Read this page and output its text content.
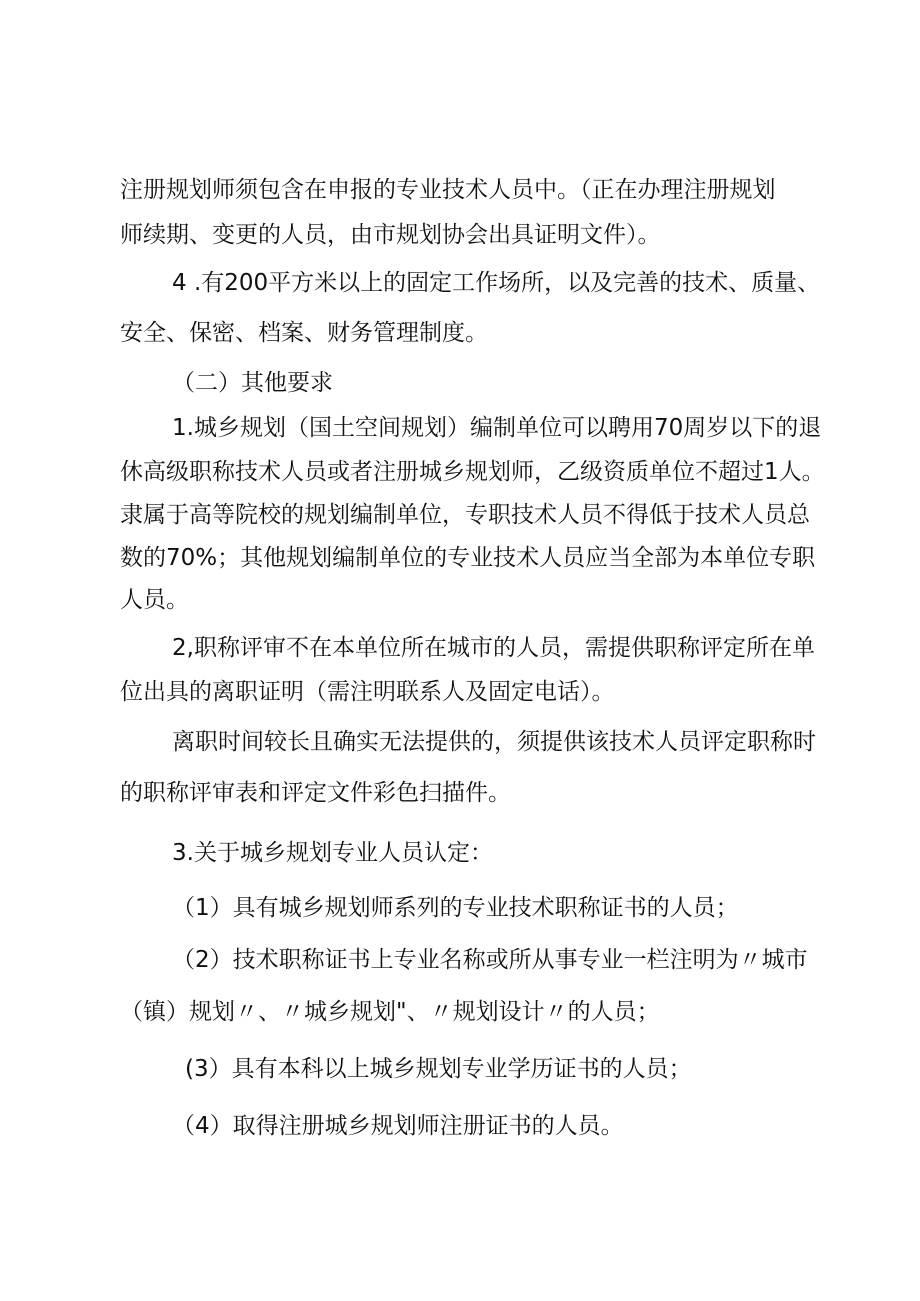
注册规划师须包含在申报的专业技术人员中。（正在办理注册规划
师续期、变更的人员，由市规划协会出具证明文件）。
4 .有200平方米以上的固定工作场所，以及完善的技术、质量、
安全、保密、档案、财务管理制度。
（二）其他要求
1.城乡规划（国土空间规划）编制单位可以聘用70周岁以下的退
休高级职称技术人员或者注册城乡规划师，乙级资质单位不超过1人。
隶属于高等院校的规划编制单位，专职技术人员不得低于技术人员总
数的70%；其他规划编制单位的专业技术人员应当全部为本单位专职
人员。
2,职称评审不在本单位所在城市的人员，需提供职称评定所在单
位出具的离职证明（需注明联系人及固定电话）。
离职时间较长且确实无法提供的，须提供该技术人员评定职称时
的职称评审表和评定文件彩色扫描件。
3.关于城乡规划专业人员认定：
（1）具有城乡规划师系列的专业技术职称证书的人员；
（2）技术职称证书上专业名称或所从事专业一栏注明为〃城市
（镇）规划〃、〃城乡规划"、〃规划设计〃的人员；
(3）具有本科以上城乡规划专业学历证书的人员；
（4）取得注册城乡规划师注册证书的人员。
